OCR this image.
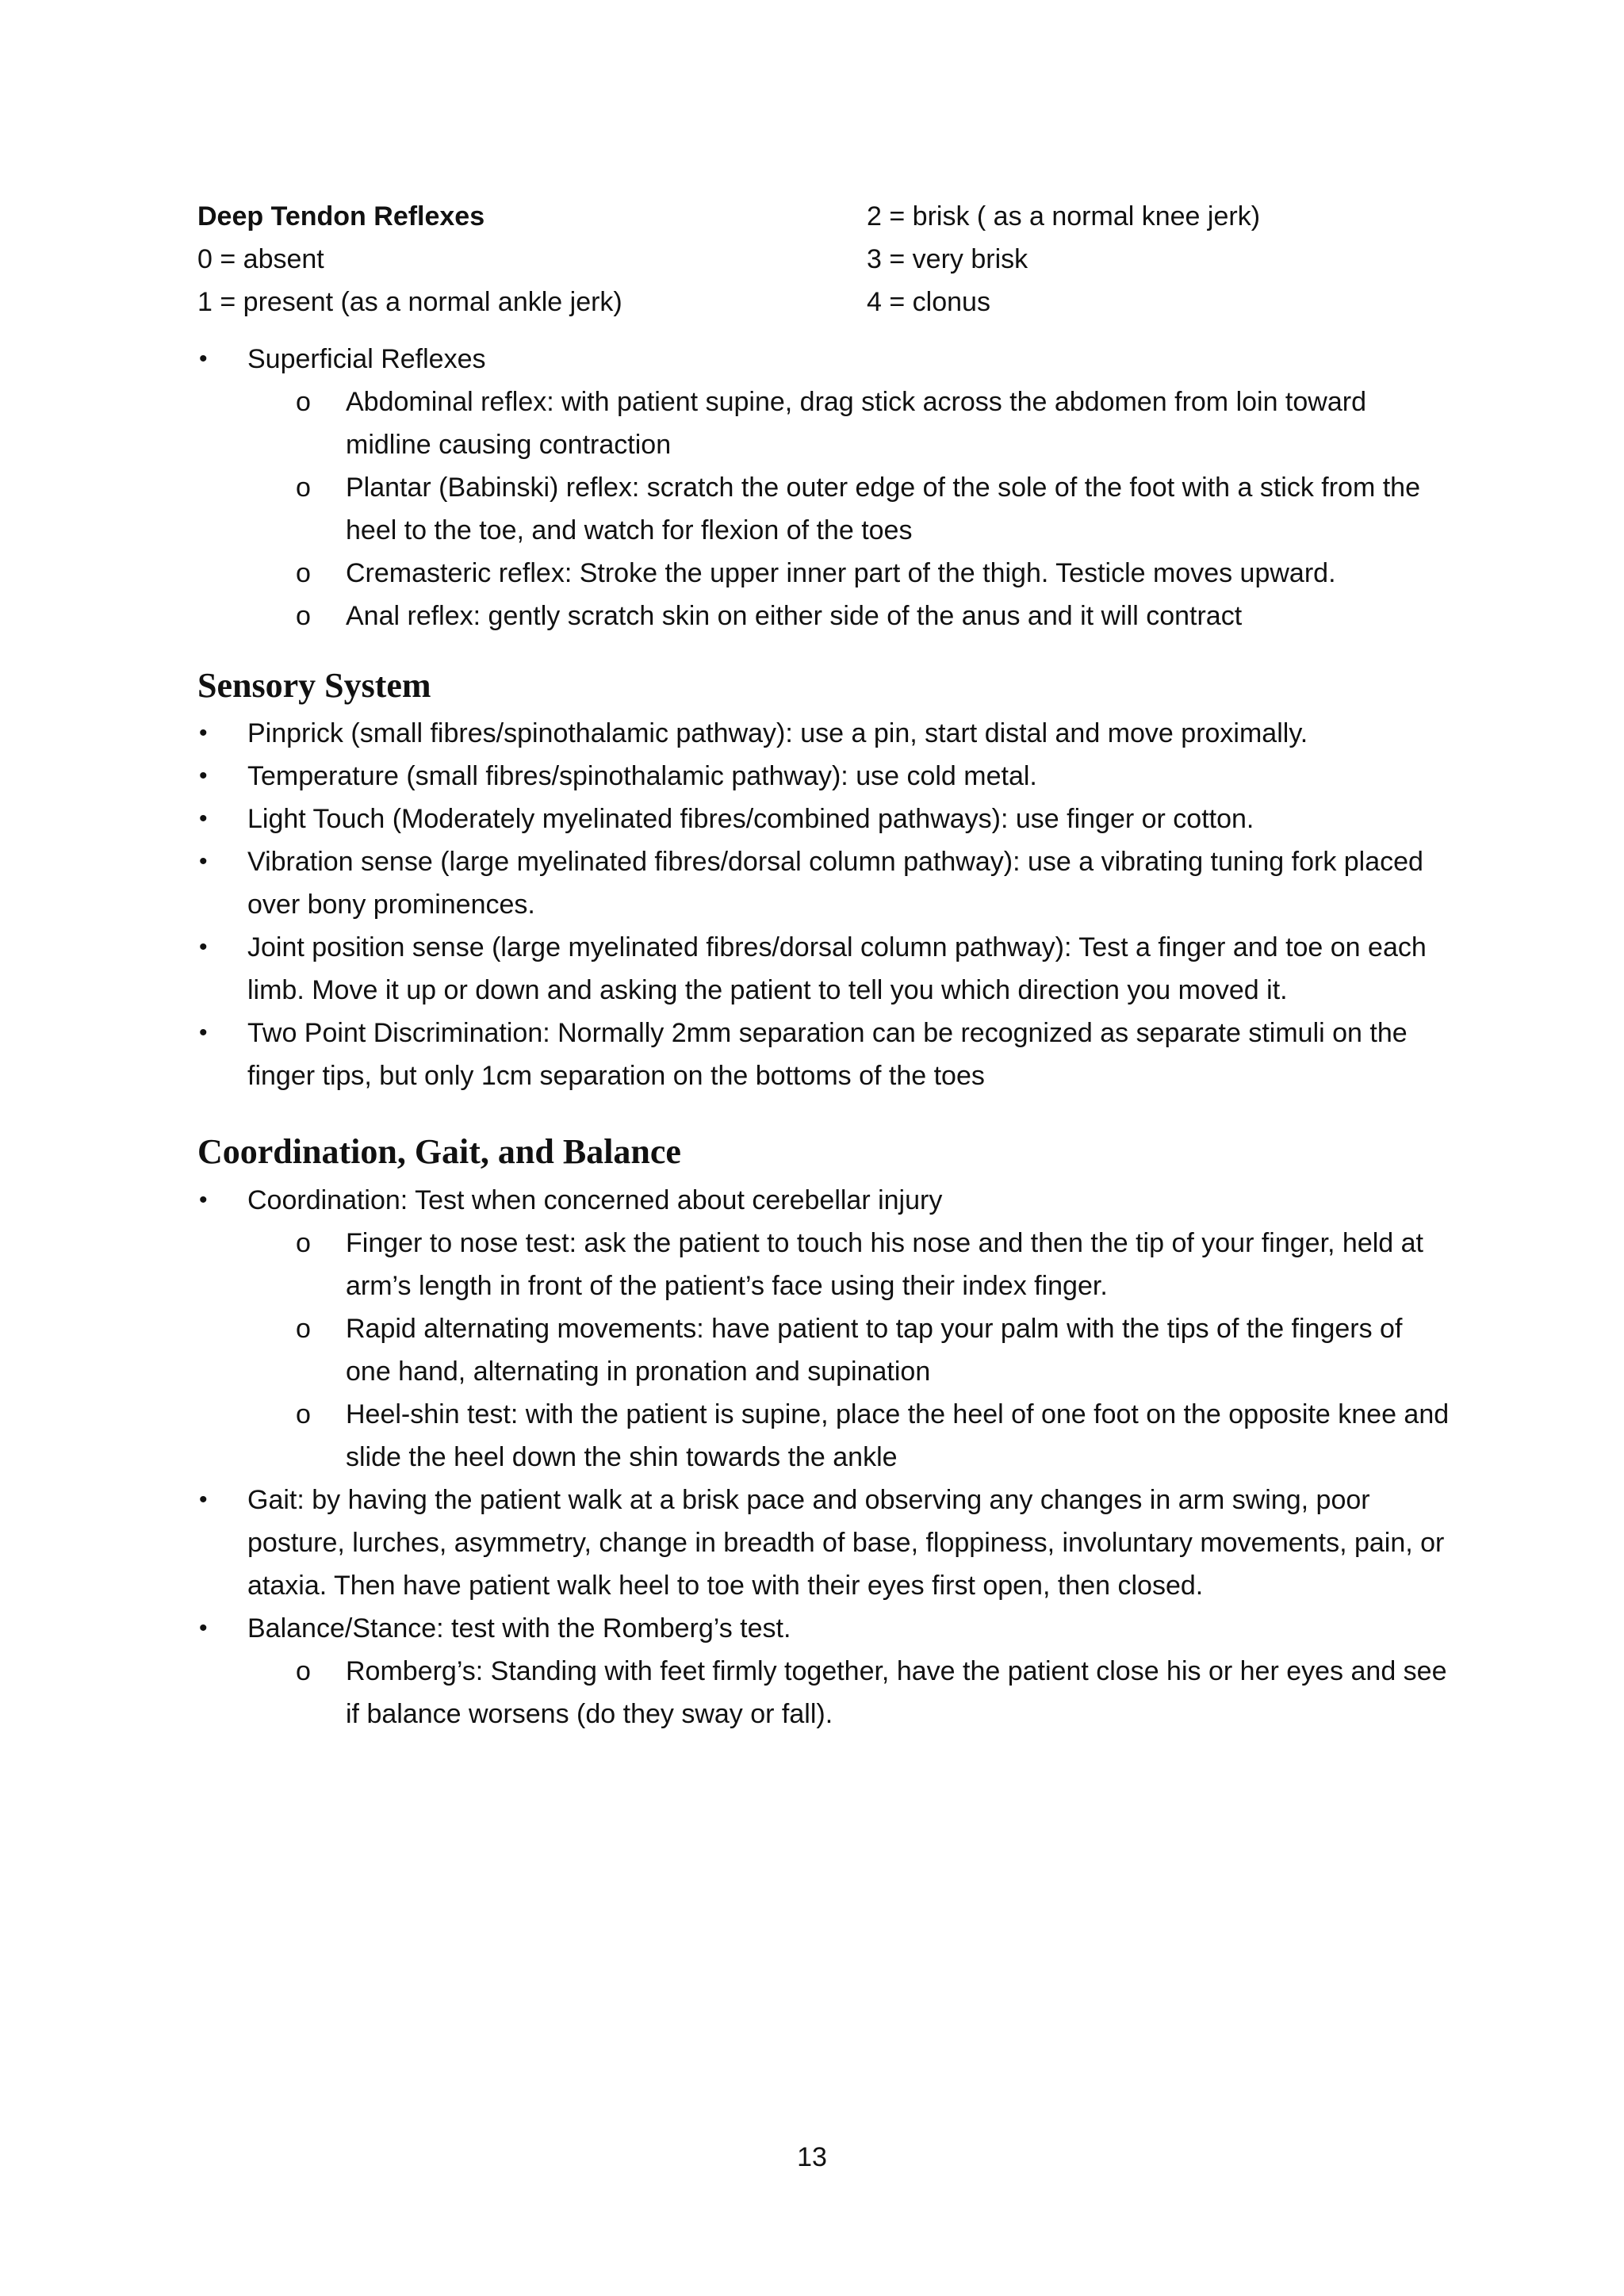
Deep Tendon Reflexes	2 = brisk ( as a normal knee jerk)
0 = absent	3 = very brisk
1 = present (as a normal ankle jerk)	4 = clonus
• Superficial Reflexes
o Abdominal reflex: with patient supine, drag stick across the abdomen from loin toward midline causing contraction
o Plantar (Babinski) reflex: scratch the outer edge of the sole of the foot with a stick from the heel to the toe, and watch for flexion of the toes
o Cremasteric reflex: Stroke the upper inner part of the thigh. Testicle moves upward.
o Anal reflex: gently scratch skin on either side of the anus and it will contract
Sensory System
• Pinprick (small fibres/spinothalamic pathway): use a pin, start distal and move proximally.
• Temperature (small fibres/spinothalamic pathway): use cold metal.
• Light Touch (Moderately myelinated fibres/combined pathways): use finger or cotton.
• Vibration sense (large myelinated fibres/dorsal column pathway): use a vibrating tuning fork placed over bony prominences.
• Joint position sense (large myelinated fibres/dorsal column pathway): Test a finger and toe on each limb. Move it up or down and asking the patient to tell you which direction you moved it.
• Two Point Discrimination: Normally 2mm separation can be recognized as separate stimuli on the finger tips, but only 1cm separation on the bottoms of the toes
Coordination, Gait, and Balance
• Coordination: Test when concerned about cerebellar injury
o Finger to nose test: ask the patient to touch his nose and then the tip of your finger, held at arm’s length in front of the patient’s face using their index finger.
o Rapid alternating movements: have patient to tap your palm with the tips of the fingers of one hand, alternating in pronation and supination
o Heel-shin test: with the patient is supine, place the heel of one foot on the opposite knee and slide the heel down the shin towards the ankle
• Gait: by having the patient walk at a brisk pace and observing any changes in arm swing, poor posture, lurches, asymmetry, change in breadth of base, floppiness, involuntary movements, pain, or ataxia. Then have patient walk heel to toe with their eyes first open, then closed.
• Balance/Stance: test with the Romberg’s test.
o Romberg’s: Standing with feet firmly together, have the patient close his or her eyes and see if balance worsens (do they sway or fall).
13
